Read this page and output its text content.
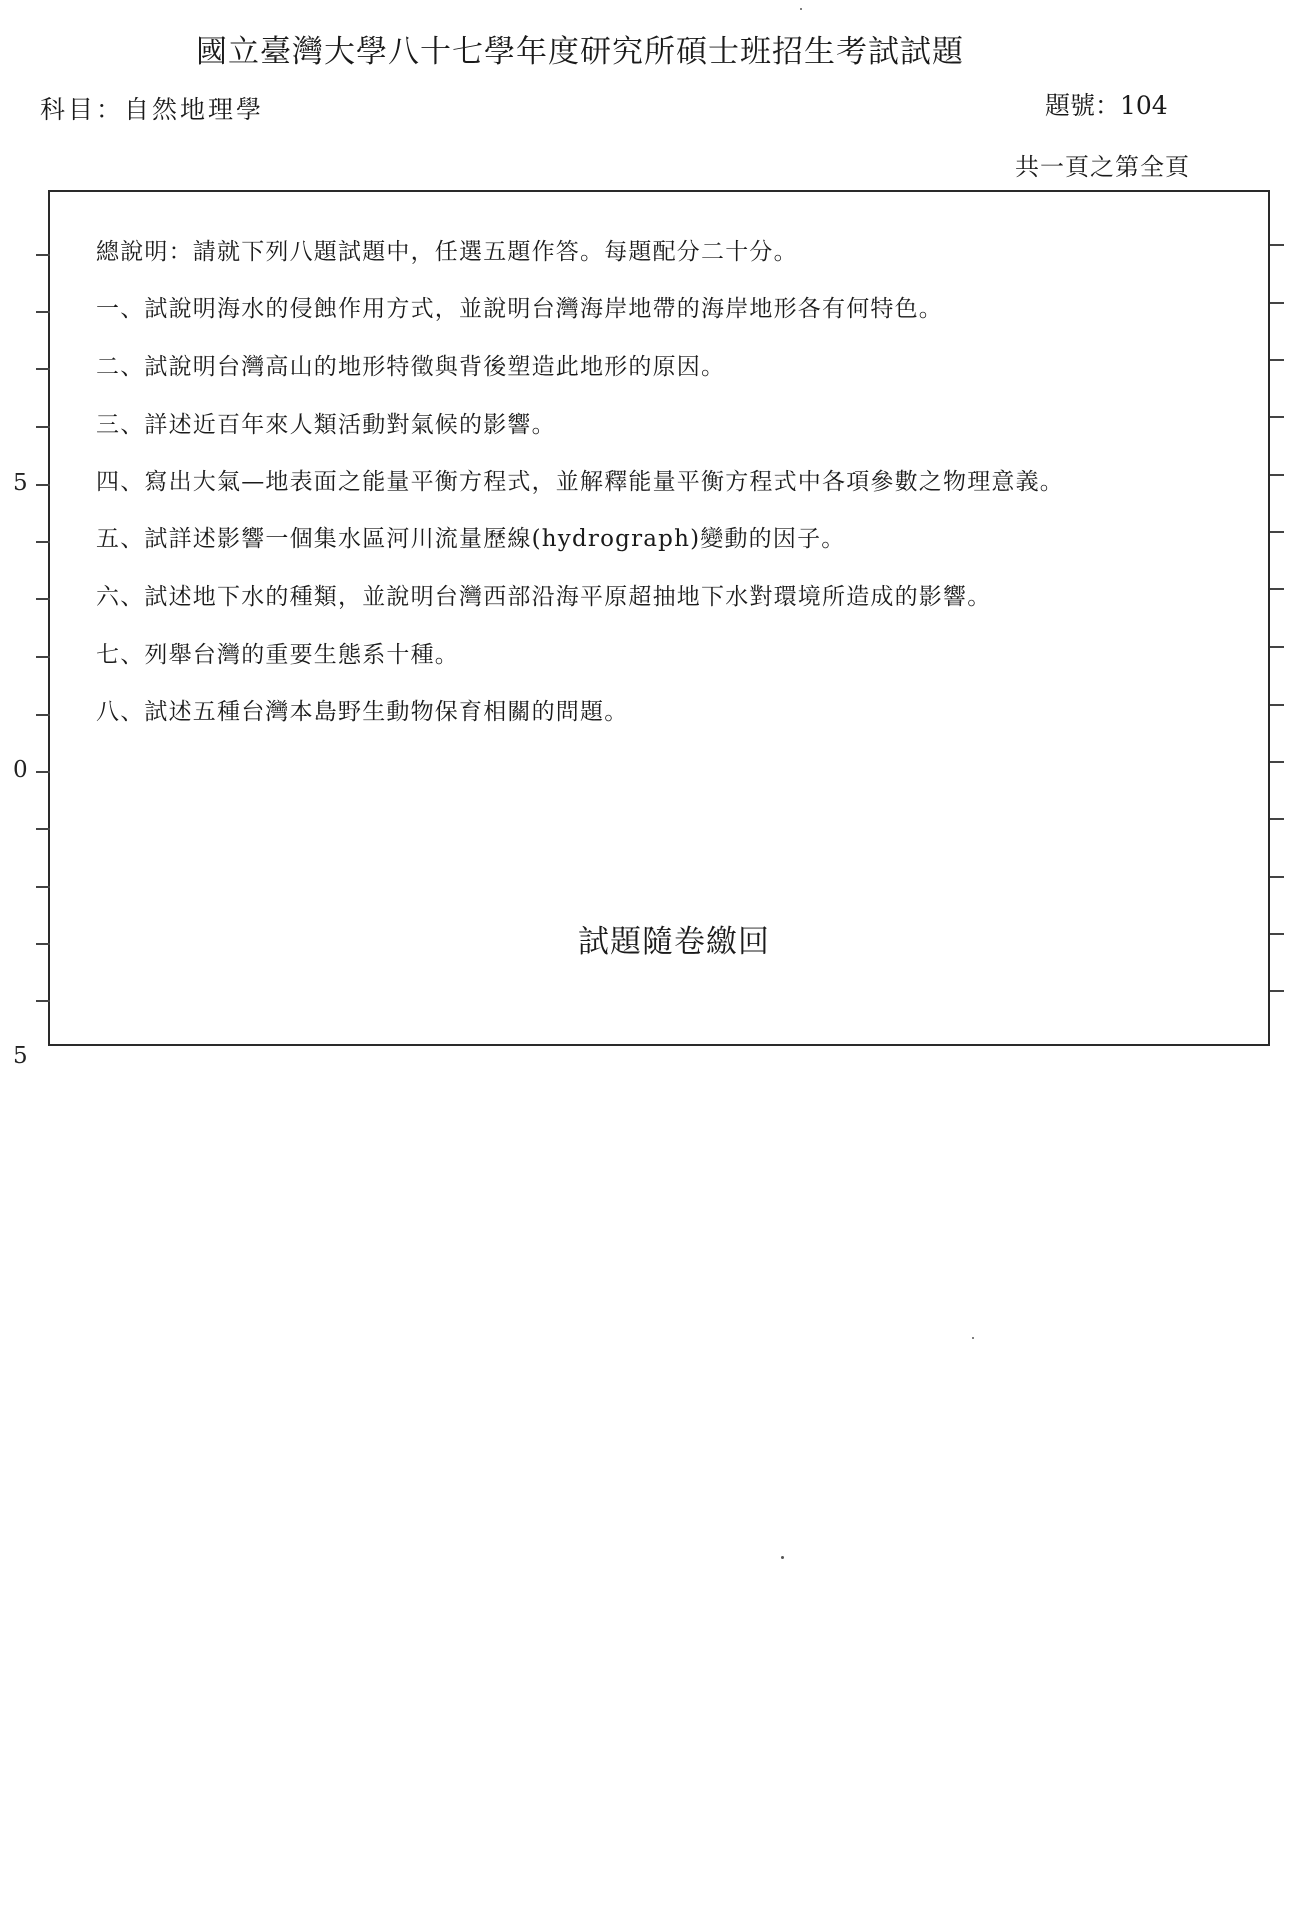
國立臺灣大學八十七學年度研究所碩士班招生考試試題
科目：自然地理學	題號：104
共一頁之第全頁
5
0
5
總說明：請就下列八題試題中，任選五題作答。每題配分二十分。
一、試說明海水的侵蝕作用方式，並說明台灣海岸地帶的海岸地形各有何特色。
二、試說明台灣高山的地形特徵與背後塑造此地形的原因。
三、詳述近百年來人類活動對氣候的影響。
四、寫出大氣—地表面之能量平衡方程式，並解釋能量平衡方程式中各項參數之物理意義。
五、試詳述影響一個集水區河川流量歷線(hydrograph)變動的因子。
六、試述地下水的種類，並說明台灣西部沿海平原超抽地下水對環境所造成的影響。
七、列舉台灣的重要生態系十種。
八、試述五種台灣本島野生動物保育相關的問題。
試題隨卷繳回
